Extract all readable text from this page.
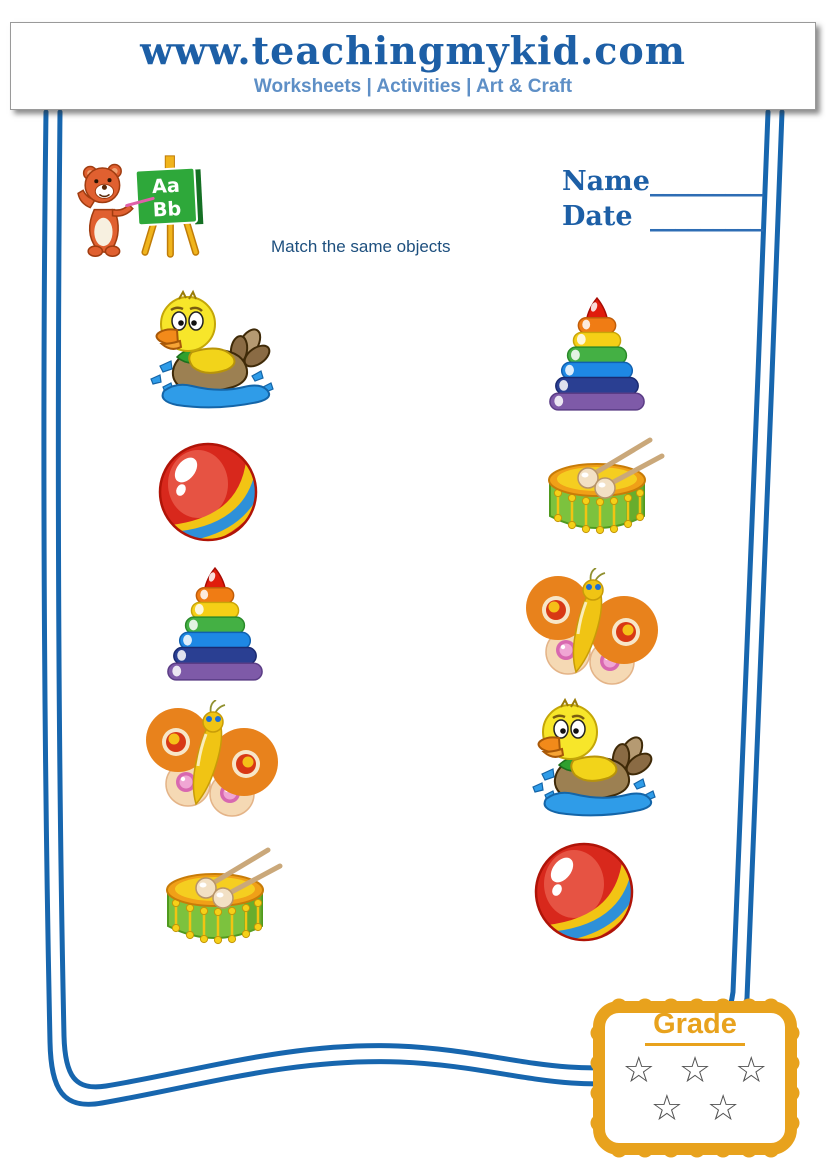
www.teachingmykid.com
Worksheets | Activities | Art & Craft
Aa
Bb
Name _________
Date _________
Match the same objects
Grade
☆ ☆ ☆
☆ ☆
